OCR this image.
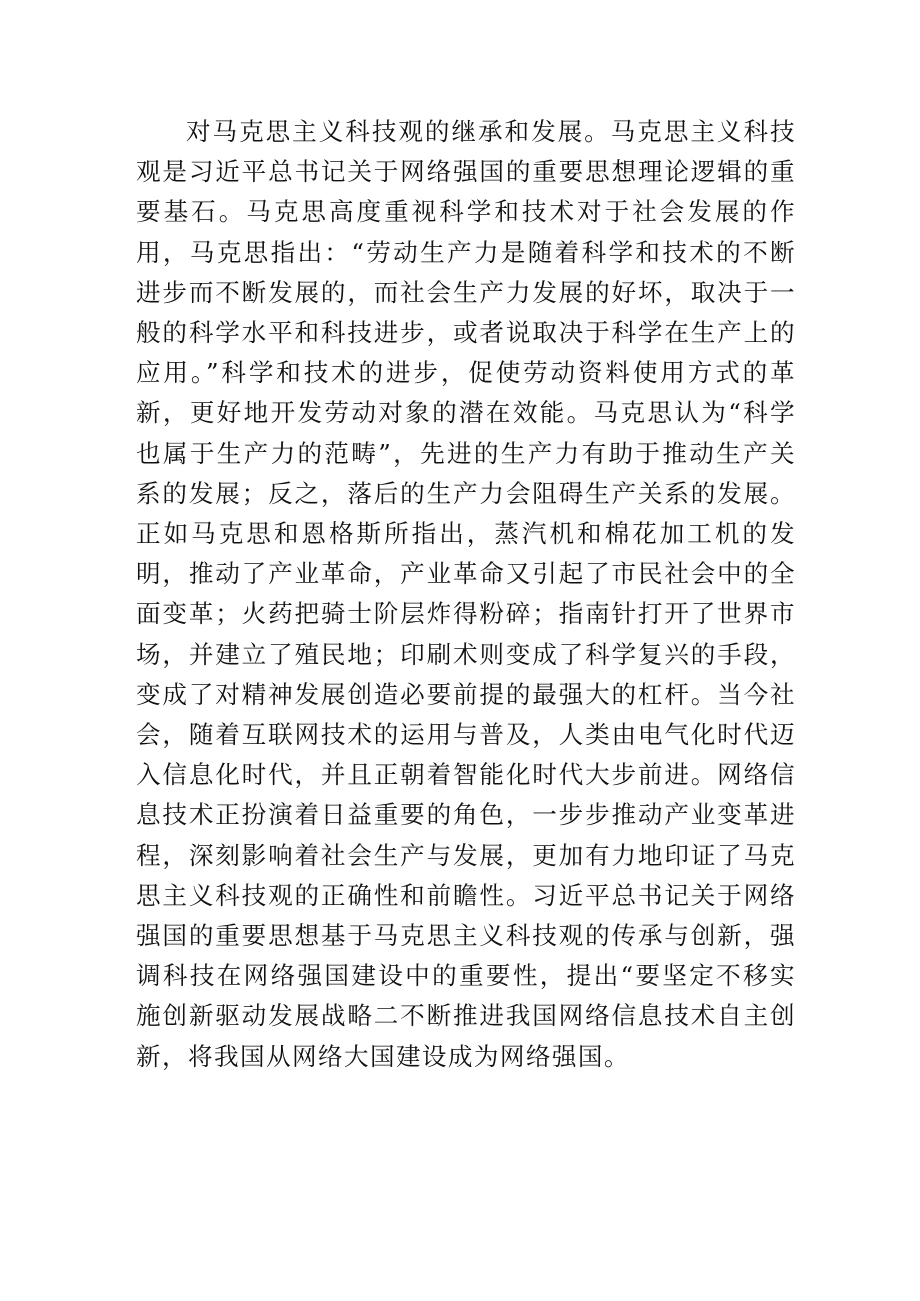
对马克思主义科技观的继承和发展。马克思主义科技观是习近平总书记关于网络强国的重要思想理论逻辑的重要基石。马克思高度重视科学和技术对于社会发展的作用，马克思指出：“劳动生产力是随着科学和技术的不断进步而不断发展的，而社会生产力发展的好坏，取决于一般的科学水平和科技进步，或者说取决于科学在生产上的应用。”科学和技术的进步，促使劳动资料使用方式的革新，更好地开发劳动对象的潜在效能。马克思认为“科学也属于生产力的范畴”，先进的生产力有助于推动生产关系的发展；反之，落后的生产力会阻碍生产关系的发展。正如马克思和恩格斯所指出，蒸汽机和棉花加工机的发明，推动了产业革命，产业革命又引起了市民社会中的全面变革；火药把骑士阶层炸得粉碎；指南针打开了世界市场，并建立了殖民地；印刷术则变成了科学复兴的手段，变成了对精神发展创造必要前提的最强大的杠杆。当今社会，随着互联网技术的运用与普及，人类由电气化时代迈入信息化时代，并且正朝着智能化时代大步前进。网络信息技术正扮演着日益重要的角色，一步步推动产业变革进程，深刻影响着社会生产与发展，更加有力地印证了马克思主义科技观的正确性和前瞻性。习近平总书记关于网络强国的重要思想基于马克思主义科技观的传承与创新，强调科技在网络强国建设中的重要性，提出“要坚定不移实施创新驱动发展战略二不断推进我国网络信息技术自主创新，将我国从网络大国建设成为网络强国。
